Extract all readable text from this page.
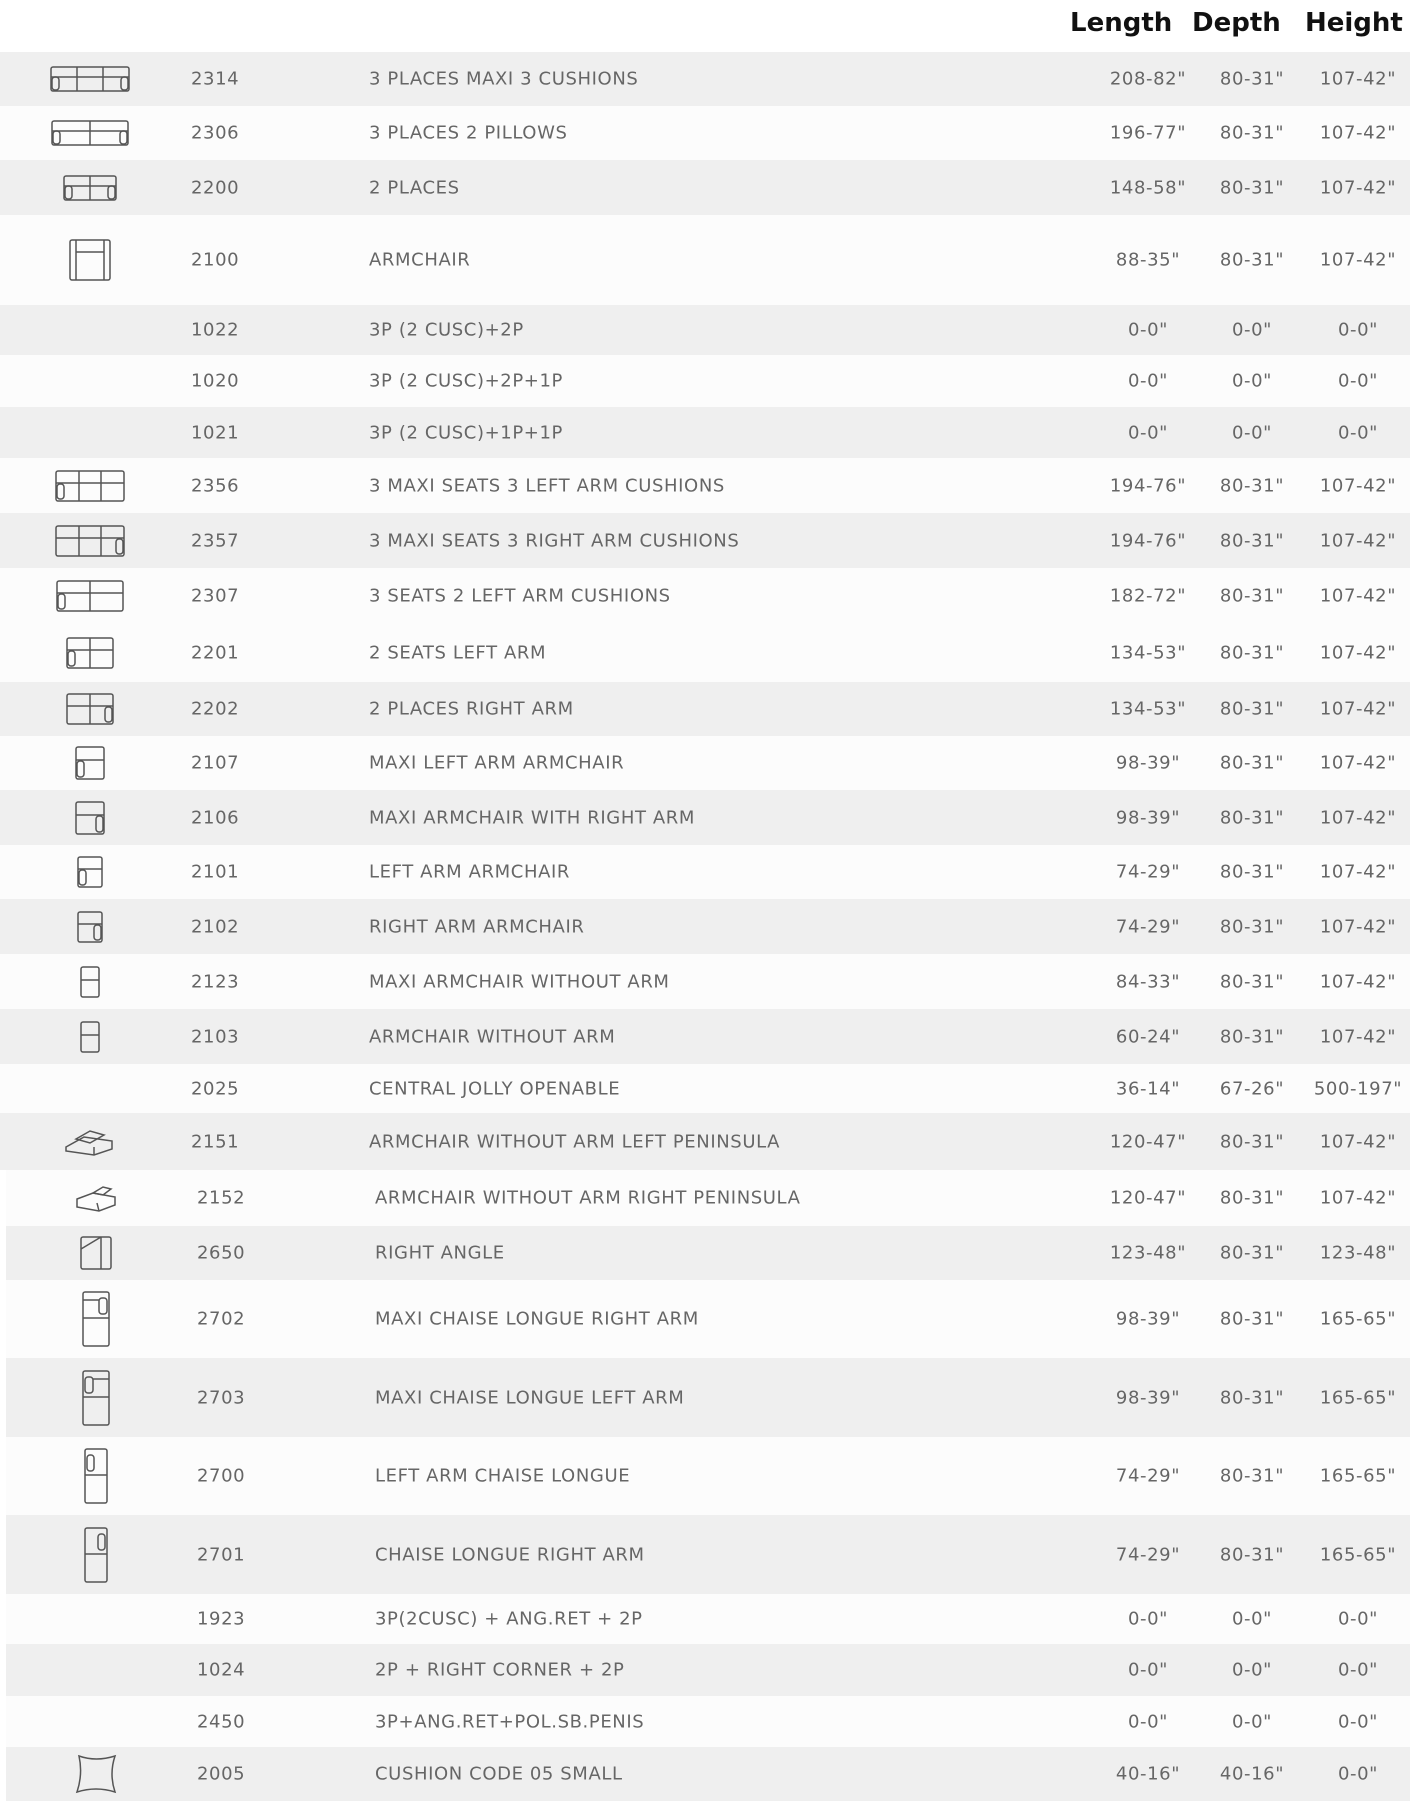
Length Depth Height
2314	3 PLACES MAXI 3 CUSHIONS	208-82" 80-31" 107-42"
2306	3 PLACES 2 PILLOWS	196-77" 80-31" 107-42"
2200	2 PLACES	148-58" 80-31" 107-42"
2100	ARMCHAIR	88-35" 80-31" 107-42"
1022	3P (2 CUSC)+2P	0-0"	0-0"	0-0"
1020	3P (2 CUSC)+2P+1P	0-0"	0-0"	0-0"
1021	3P (2 CUSC)+1P+1P	0-0"	0-0"	0-0"
2356	3 MAXI SEATS 3 LEFT ARM CUSHIONS	194-76" 80-31" 107-42"
2357	3 MAXI SEATS 3 RIGHT ARM CUSHIONS	194-76" 80-31" 107-42"
2307	3 SEATS 2 LEFT ARM CUSHIONS	182-72" 80-31" 107-42"
2201	2 SEATS LEFT ARM	134-53" 80-31" 107-42"
2202	2 PLACES RIGHT ARM	134-53" 80-31" 107-42"
2107	MAXI LEFT ARM ARMCHAIR	98-39" 80-31" 107-42"
2106	MAXI ARMCHAIR WITH RIGHT ARM	98-39" 80-31" 107-42"
2101	LEFT ARM ARMCHAIR	74-29" 80-31" 107-42"
2102	RIGHT ARM ARMCHAIR	74-29" 80-31" 107-42"
2123	MAXI ARMCHAIR WITHOUT ARM	84-33" 80-31" 107-42"
2103	ARMCHAIR WITHOUT ARM	60-24" 80-31" 107-42"
2025	CENTRAL JOLLY OPENABLE	36-14" 67-26" 500-197"
2151	ARMCHAIR WITHOUT ARM LEFT PENINSULA	120-47" 80-31" 107-42"
2152	ARMCHAIR WITHOUT ARM RIGHT PENINSULA	120-47" 80-31" 107-42"
2650	RIGHT ANGLE	123-48" 80-31" 123-48"
2702	MAXI CHAISE LONGUE RIGHT ARM	98-39" 80-31" 165-65"
2703	MAXI CHAISE LONGUE LEFT ARM	98-39" 80-31" 165-65"
2700	LEFT ARM CHAISE LONGUE	74-29" 80-31" 165-65"
2701	CHAISE LONGUE RIGHT ARM	74-29" 80-31" 165-65"
1923	3P(2CUSC) + ANG.RET + 2P	0-0"	0-0"	0-0"
1024	2P + RIGHT CORNER + 2P	0-0"	0-0"	0-0"
2450	3P+ANG.RET+POL.SB.PENIS	0-0"	0-0"	0-0"
2005	CUSHION CODE 05 SMALL	40-16" 40-16"	0-0"
